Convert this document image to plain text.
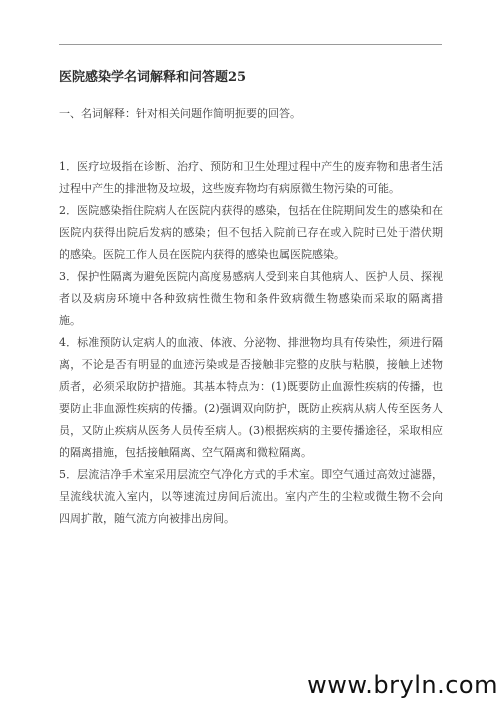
医院感染学名词解释和问答题25
一、名词解释：针对相关问题作简明扼要的回答。

1．医疗垃圾指在诊断、治疗、预防和卫生处理过程中产生的废弃物和患者生活过程中产生的排泄物及垃圾，这些废弃物均有病原微生物污染的可能。

2．医院感染指住院病人在医院内获得的感染，包括在住院期间发生的感染和在医院内获得出院后发病的感染；但不包括入院前已存在或入院时已处于潜伏期的感染。医院工作人员在医院内获得的感染也属医院感染。

3．保护性隔离为避免医院内高度易感病人受到来自其他病人、医护人员、探视者以及病房环境中各种致病性微生物和条件致病微生物感染而采取的隔离措施。

4．标准预防认定病人的血液、体液、分泌物、排泄物均具有传染性，须进行隔离，不论是否有明显的血迹污染或是否接触非完整的皮肤与粘膜，接触上述物质者，必须采取防护措施。其基本特点为：(1)既要防止血源性疾病的传播，也要防止非血源性疾病的传播。(2)强调双向防护，既防止疾病从病人传至医务人员，又防止疾病从医务人员传至病人。(3)根据疾病的主要传播途径，采取相应的隔离措施，包括接触隔离、空气隔离和微粒隔离。

5．层流洁净手术室采用层流空气净化方式的手术室。即空气通过高效过滤器，呈流线状流入室内，以等速流过房间后流出。室内产生的尘粒或微生物不会向四周扩散，随气流方向被排出房间。

www.bryln.com
